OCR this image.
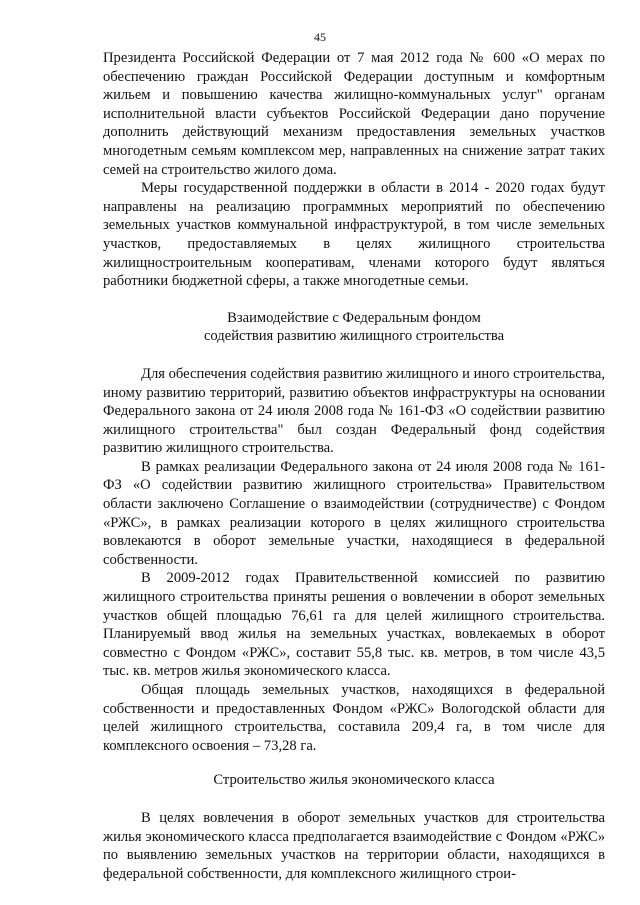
45

Президента Российской Федерации от 7 мая 2012 года № 600 «О мерах по обеспечению граждан Российской Федерации доступным и комфортным жильем и повышению качества жилищно-коммунальных услуг" органам исполнительной власти субъектов Российской Федерации дано поручение дополнить действующий механизм предоставления земельных участков многодетным семьям комплексом мер, направленных на снижение затрат таких семей на строительство жилого дома.

Меры государственной поддержки в области в 2014 - 2020 годах будут направлены на реализацию программных мероприятий по обеспечению земельных участков коммунальной инфраструктурой, в том числе земельных участков, предоставляемых в целях жилищного строительства жилищностроительным кооперативам, членами которого будут являться работники бюджетной сферы, а также многодетные семьи.

Взаимодействие с Федеральным фондом
содействия развитию жилищного строительства

Для обеспечения содействия развитию жилищного и иного строительства, иному развитию территорий, развитию объектов инфраструктуры на основании Федерального закона от 24 июля 2008 года № 161-ФЗ «О содействии развитию жилищного строительства" был создан Федеральный фонд содействия развитию жилищного строительства.

В рамках реализации Федерального закона от 24 июля 2008 года № 161-ФЗ «О содействии развитию жилищного строительства» Правительством области заключено Соглашение о взаимодействии (сотрудничестве) с Фондом «РЖС», в рамках реализации которого в целях жилищного строительства вовлекаются в оборот земельные участки, находящиеся в федеральной собственности.

В 2009-2012 годах Правительственной комиссией по развитию жилищного строительства приняты решения о вовлечении в оборот земельных участков общей площадью 76,61 га для целей жилищного строительства. Планируемый ввод жилья на земельных участках, вовлекаемых в оборот совместно с Фондом «РЖС», составит 55,8 тыс. кв. метров, в том числе 43,5 тыс. кв. метров жилья экономического класса.

Общая площадь земельных участков, находящихся в федеральной собственности и предоставленных Фондом «РЖС» Вологодской области для целей жилищного строительства, составила 209,4 га, в том числе для комплексного освоения – 73,28 га.

Строительство жилья экономического класса

В целях вовлечения в оборот земельных участков для строительства жилья экономического класса предполагается взаимодействие с Фондом «РЖС» по выявлению земельных участков на территории области, находящихся в федеральной собственности, для комплексного жилищного строи-
